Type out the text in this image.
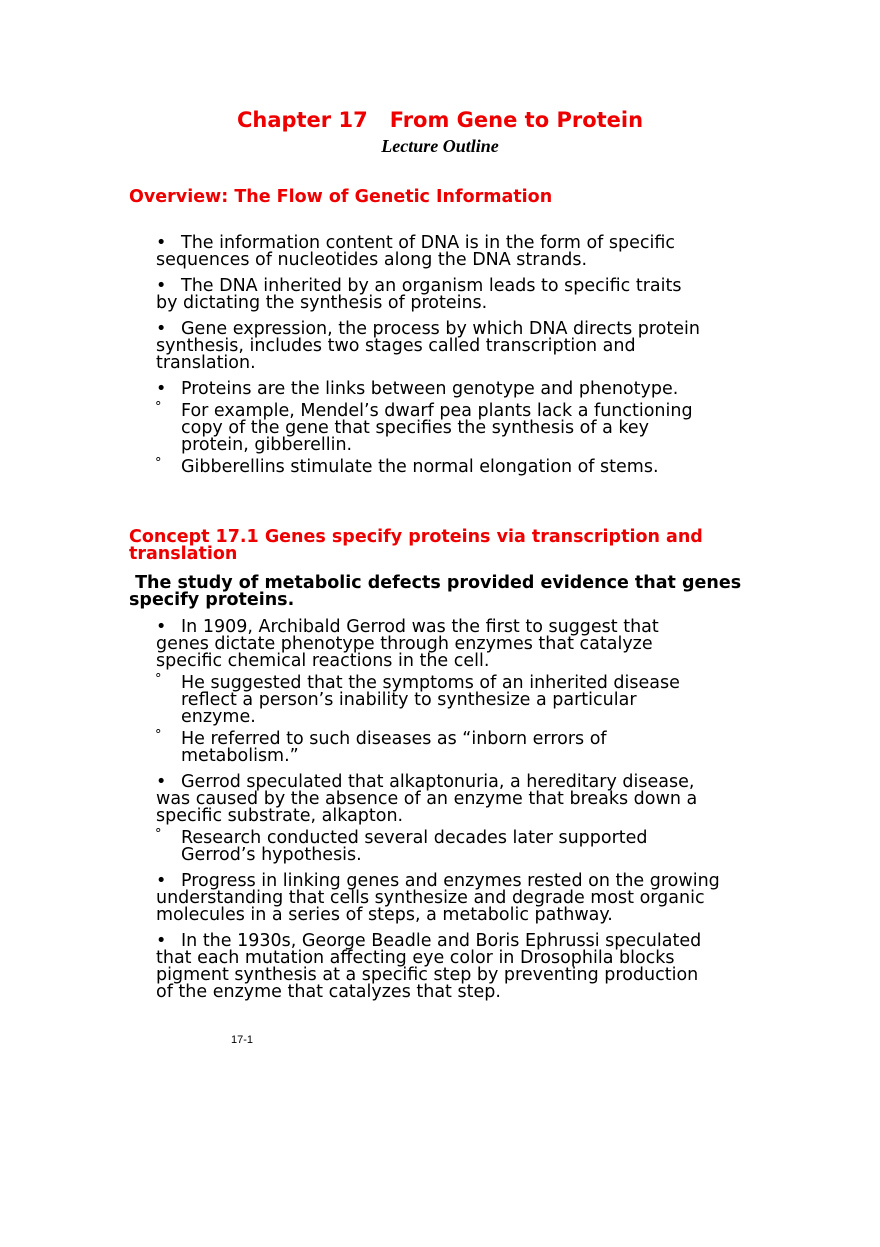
Chapter 17 From Gene to Protein
Lecture Outline
Overview: The Flow of Genetic Information
• The information content of DNA is in the form of specific
sequences of nucleotides along the DNA strands.
• The DNA inherited by an organism leads to specific traits
by dictating the synthesis of proteins.
• Gene expression, the process by which DNA directs protein
synthesis, includes two stages called transcription and
translation.
• Proteins are the links between genotype and phenotype.
° For example, Mendel’s dwarf pea plants lack a functioning
copy of the gene that specifies the synthesis of a key
protein, gibberellin.
° Gibberellins stimulate the normal elongation of stems.
Concept 17.1 Genes specify proteins via transcription and
translation
The study of metabolic defects provided evidence that genes
specify proteins.
• In 1909, Archibald Gerrod was the first to suggest that
genes dictate phenotype through enzymes that catalyze
specific chemical reactions in the cell.
° He suggested that the symptoms of an inherited disease
reflect a person’s inability to synthesize a particular
enzyme.
° He referred to such diseases as “inborn errors of
metabolism.”
• Gerrod speculated that alkaptonuria, a hereditary disease,
was caused by the absence of an enzyme that breaks down a
specific substrate, alkapton.
° Research conducted several decades later supported
Gerrod’s hypothesis.
• Progress in linking genes and enzymes rested on the growing
understanding that cells synthesize and degrade most organic
molecules in a series of steps, a metabolic pathway.
• In the 1930s, George Beadle and Boris Ephrussi speculated
that each mutation affecting eye color in Drosophila blocks
pigment synthesis at a specific step by preventing production
of the enzyme that catalyzes that step.
17-1
